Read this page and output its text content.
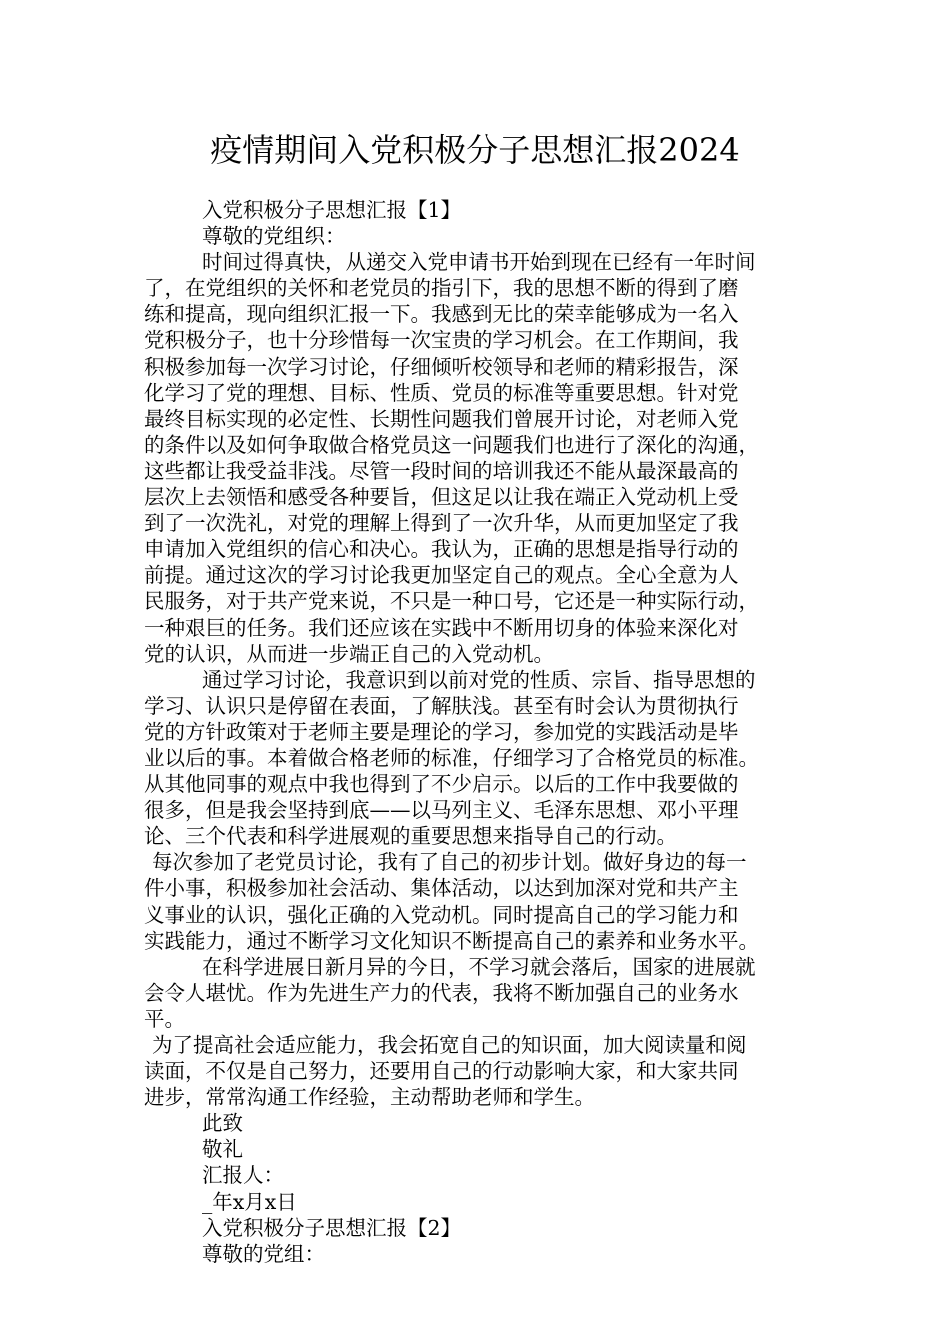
疫情期间入党积极分子思想汇报2024
入党积极分子思想汇报【1】
尊敬的党组织：
时间过得真快，从递交入党申请书开始到现在已经有一年时间
了，在党组织的关怀和老党员的指引下，我的思想不断的得到了磨
练和提高，现向组织汇报一下。我感到无比的荣幸能够成为一名入
党积极分子，也十分珍惜每一次宝贵的学习机会。在工作期间，我
积极参加每一次学习讨论，仔细倾听校领导和老师的精彩报告，深
化学习了党的理想、目标、性质、党员的标准等重要思想。针对党
最终目标实现的必定性、长期性问题我们曾展开讨论，对老师入党
的条件以及如何争取做合格党员这一问题我们也进行了深化的沟通，
这些都让我受益非浅。尽管一段时间的培训我还不能从最深最高的
层次上去领悟和感受各种要旨，但这足以让我在端正入党动机上受
到了一次洗礼，对党的理解上得到了一次升华，从而更加坚定了我
申请加入党组织的信心和决心。我认为，正确的思想是指导行动的
前提。通过这次的学习讨论我更加坚定自己的观点。全心全意为人
民服务，对于共产党来说，不只是一种口号，它还是一种实际行动，
一种艰巨的任务。我们还应该在实践中不断用切身的体验来深化对
党的认识，从而进一步端正自己的入党动机。
通过学习讨论，我意识到以前对党的性质、宗旨、指导思想的
学习、认识只是停留在表面，了解肤浅。甚至有时会认为贯彻执行
党的方针政策对于老师主要是理论的学习，参加党的实践活动是毕
业以后的事。本着做合格老师的标准，仔细学习了合格党员的标准。
从其他同事的观点中我也得到了不少启示。以后的工作中我要做的
很多，但是我会坚持到底——以马列主义、毛泽东思想、邓小平理
论、三个代表和科学进展观的重要思想来指导自己的行动。
每次参加了老党员讨论，我有了自己的初步计划。做好身边的每一
件小事，积极参加社会活动、集体活动，以达到加深对党和共产主
义事业的认识，强化正确的入党动机。同时提高自己的学习能力和
实践能力，通过不断学习文化知识不断提高自己的素养和业务水平。
在科学进展日新月异的今日，不学习就会落后，国家的进展就
会令人堪忧。作为先进生产力的代表，我将不断加强自己的业务水
平。
为了提高社会适应能力，我会拓宽自己的知识面，加大阅读量和阅
读面，不仅是自己努力，还要用自己的行动影响大家，和大家共同
进步，常常沟通工作经验，主动帮助老师和学生。
此致
敬礼
汇报人：
_年x月x日
入党积极分子思想汇报【2】
尊敬的党组：
